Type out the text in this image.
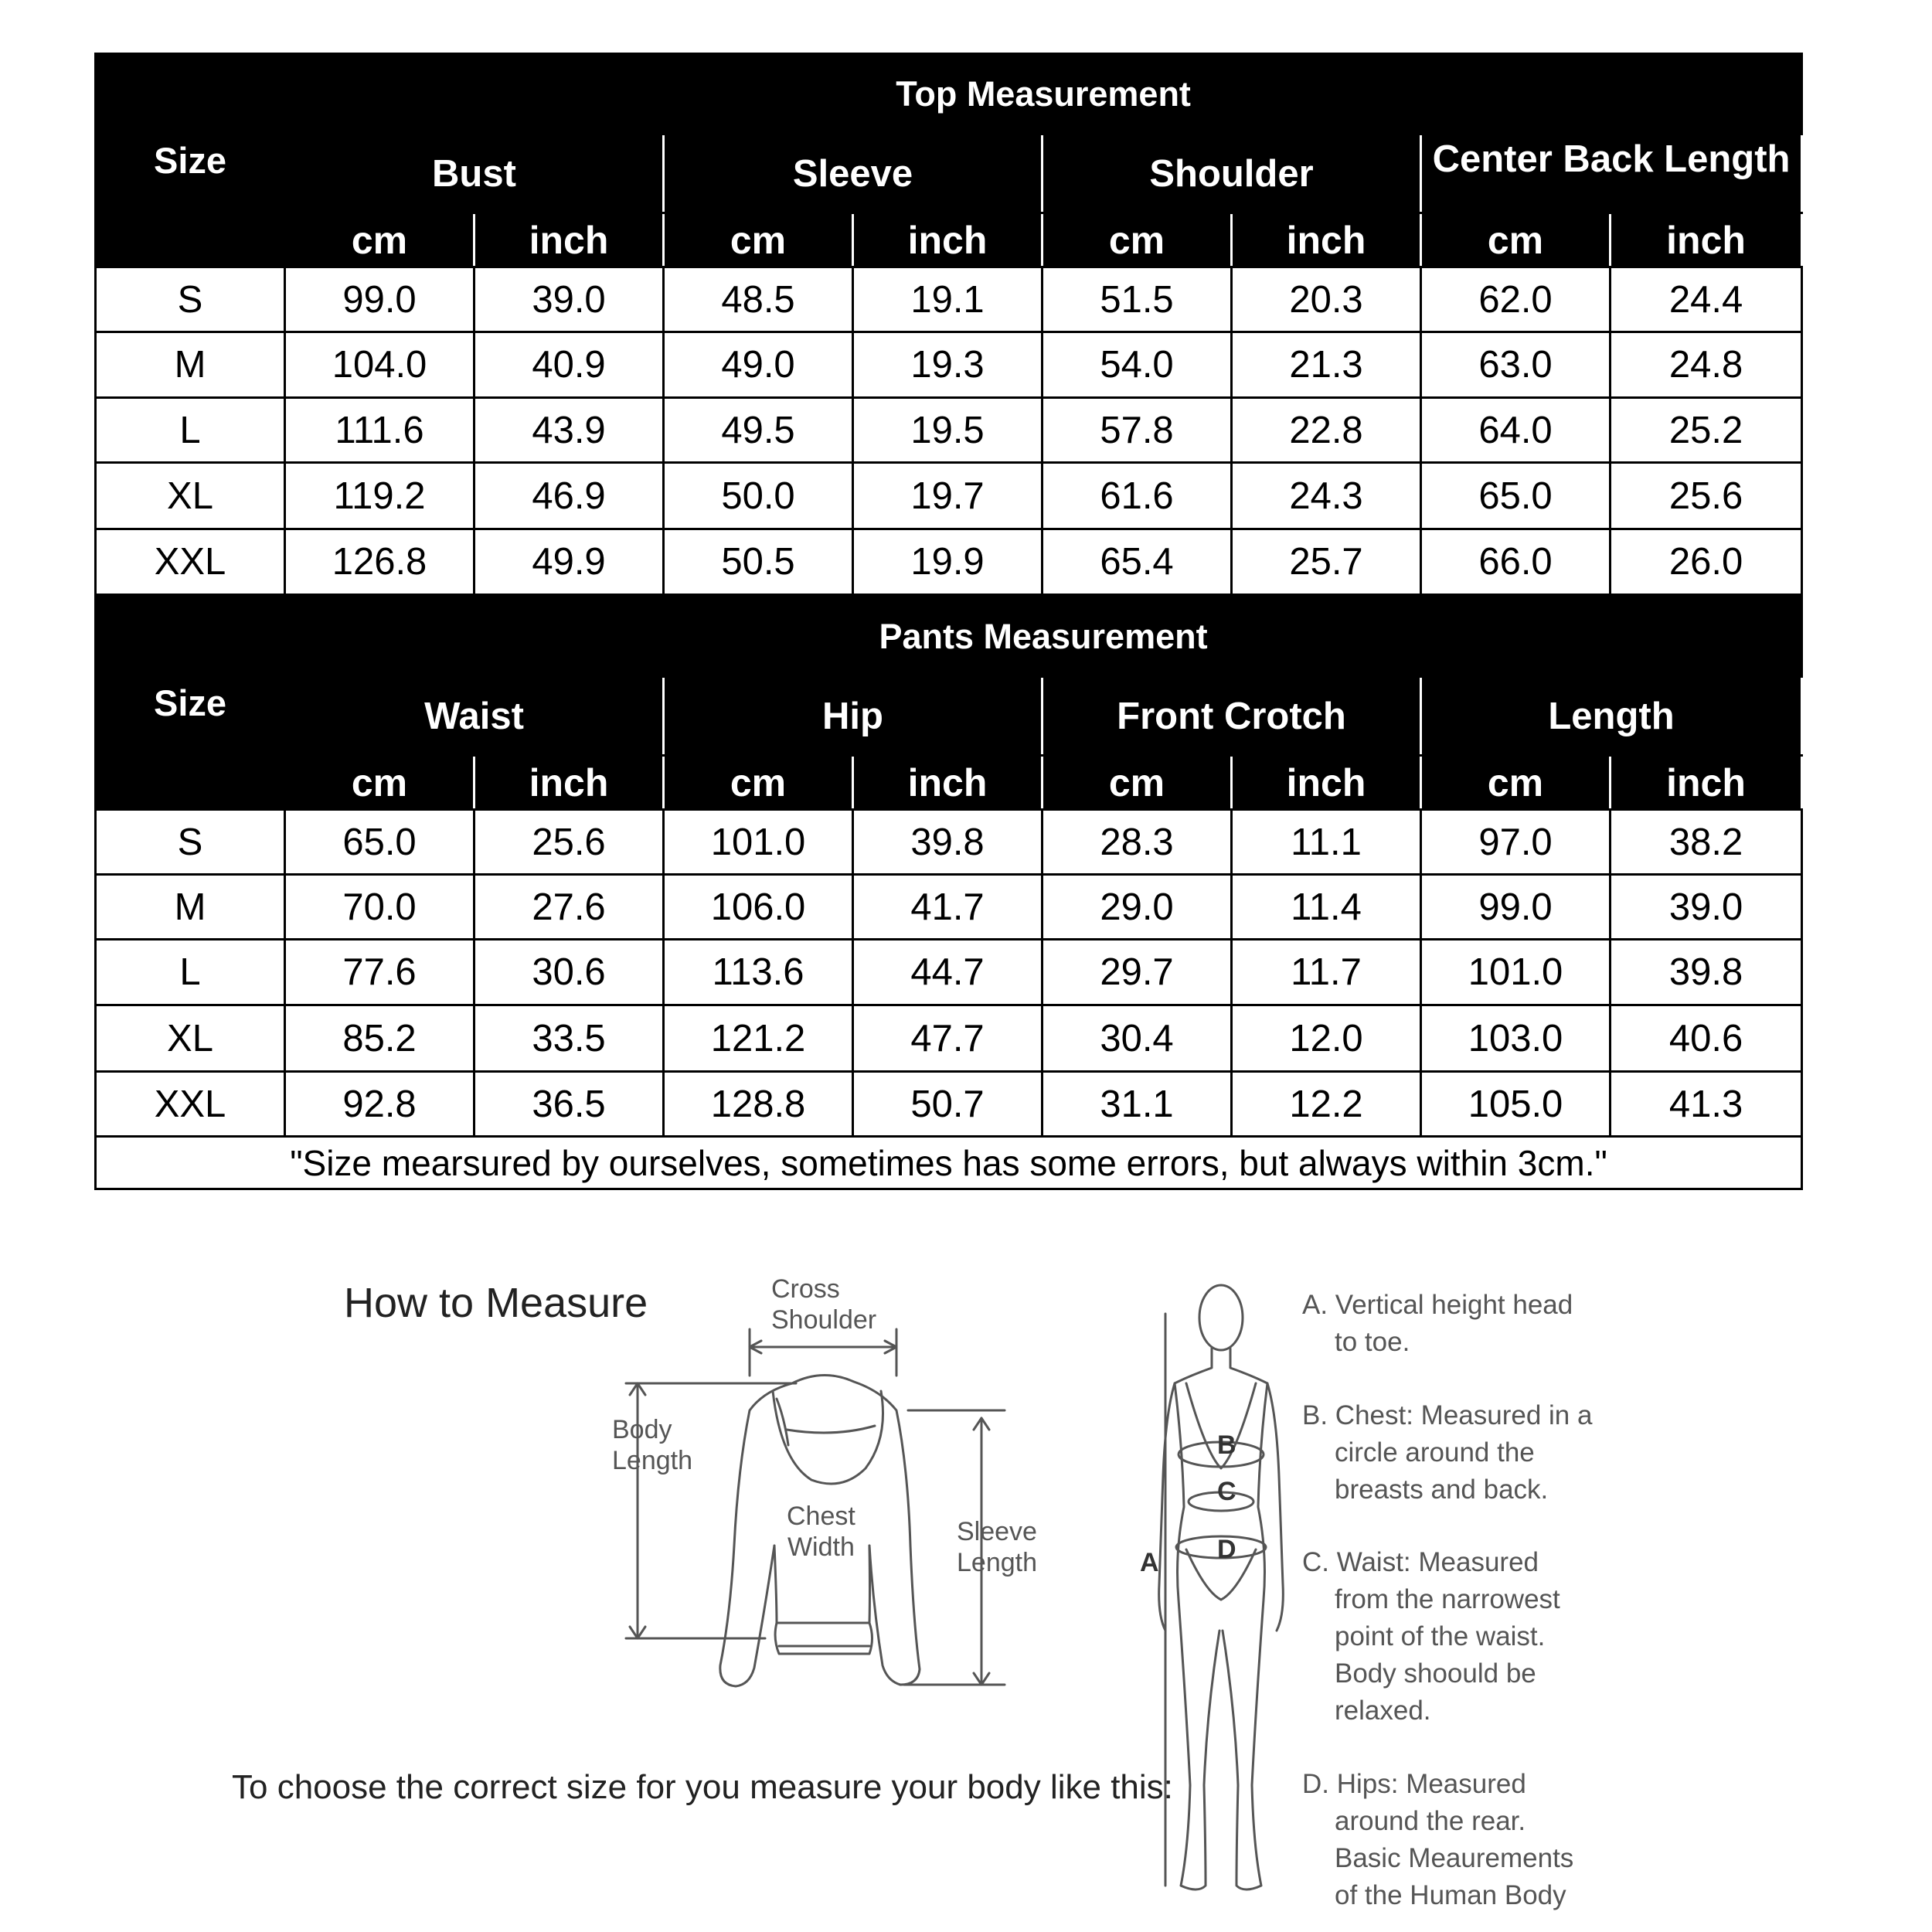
Size	Top Measurement							
	Bust		Sleeve		Shoulder		Center Back Length	
	cm	inch	cm	inch	cm	inch	cm	inch
S	99.0	39.0	48.5	19.1	51.5	20.3	62.0	24.4
M	104.0	40.9	49.0	19.3	54.0	21.3	63.0	24.8
L	111.6	43.9	49.5	19.5	57.8	22.8	64.0	25.2
XL	119.2	46.9	50.0	19.7	61.6	24.3	65.0	25.6
XXL	126.8	49.9	50.5	19.9	65.4	25.7	66.0	26.0
Size	Pants Measurement							
	Waist		Hip		Front Crotch		Length	
	cm	inch	cm	inch	cm	inch	cm	inch
S	65.0	25.6	101.0	39.8	28.3	11.1	97.0	38.2
M	70.0	27.6	106.0	41.7	29.0	11.4	99.0	39.0
L	77.6	30.6	113.6	44.7	29.7	11.7	101.0	39.8
XL	85.2	33.5	121.2	47.7	30.4	12.0	103.0	40.6
XXL	92.8	36.5	128.8	50.7	31.1	12.2	105.0	41.3
"Size mearsured by ourselves, sometimes has some errors, but always within 3cm."								
How to Measure	Cross
Shoulder
Body
Length
Chest
Width
Sleeve
Length
B
C
D
A
A. Vertical height head

to toe.
B. Chest: Measured in a

circle around the
breasts and back.
C. Waist: Measured

from the narrowest
point of the waist.
Body shoould be
relaxed.
D. Hips: Measured

around the rear.
Basic Meaurements
of the Human Body
To choose the correct size for you measure your body like this:
